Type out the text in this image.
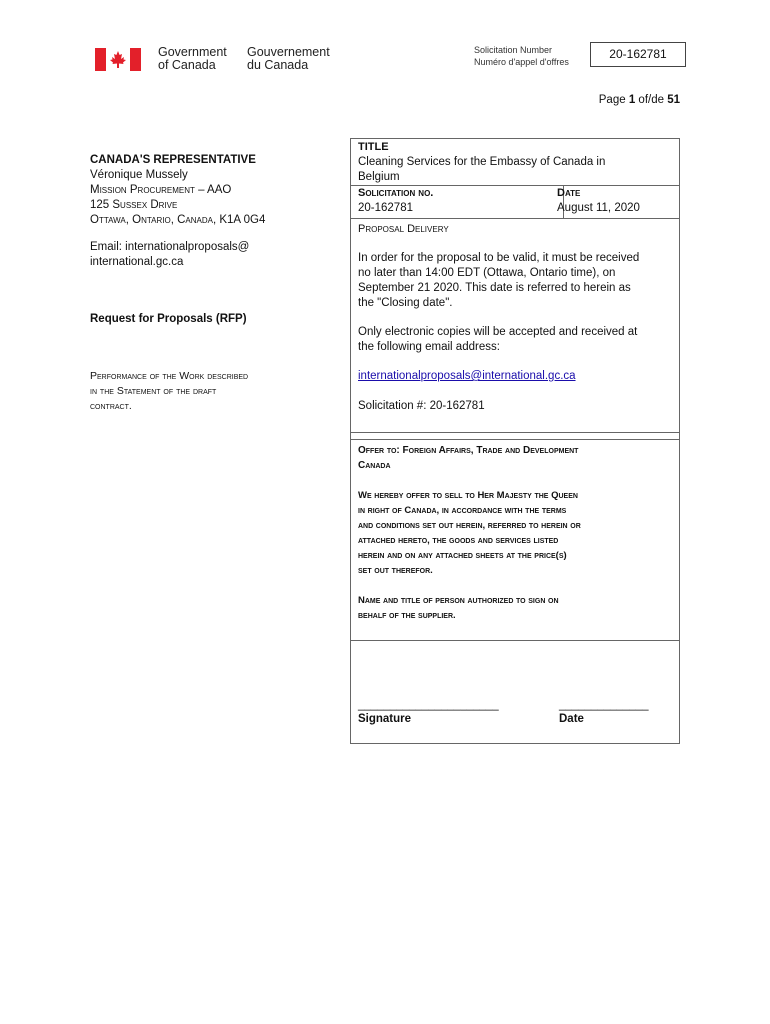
Government
of Canada
Gouvernement
du Canada
Solicitation Number
Numéro d'appel d'offres
20-162781
Page 1 of/de 51
CANADA'S REPRESENTATIVE
Véronique Mussely
Mission Procurement – AAO
125 Sussex Drive
Ottawa, Ontario, Canada, K1A 0G4
Email: internationalproposals@
international.gc.ca
Request for Proposals (RFP)
Performance of the Work described
in the Statement of the draft
contract.
TITLE
Cleaning Services for the Embassy of Canada in
Belgium
Solicitation no.
20-162781
Date
August 11, 2020
Proposal Delivery
In order for the proposal to be valid, it must be received
no later than 14:00 EDT (Ottawa, Ontario time), on
September 21 2020. This date is referred to herein as
the "Closing date".
Only electronic copies will be accepted and received at
the following email address:
internationalproposals@international.gc.ca
Solicitation #: 20-162781
Offer to: Foreign Affairs, Trade and Development
Canada
We hereby offer to sell to Her Majesty the Queen
in right of Canada, in accordance with the terms
and conditions set out herein, referred to herein or
attached hereto, the goods and services listed
herein and on any attached sheets at the price(s)
set out therefor.
Name and title of person authorized to sign on
behalf of the supplier.
______________________	______________
Signature	Date
